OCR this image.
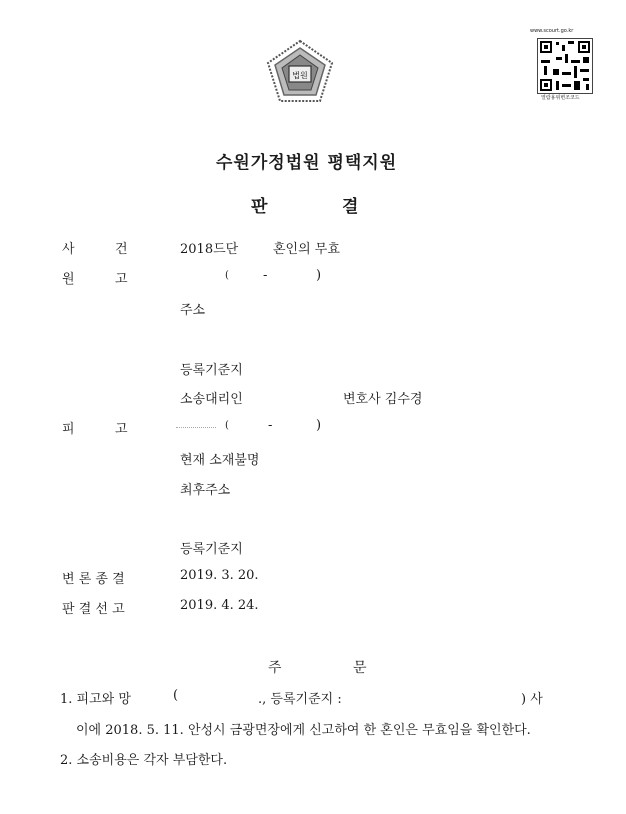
법원
www.scourt.go.kr
열람용위변조코드
수원가정법원 평택지원
판	결
사	건	2018드단	혼인의 무효
원	고	(	-	)
주소
등록기준지
소송대리인	변호사 김수경
피	고	(	-	)
현재 소재불명
최후주소
등록기준지
변 론 종 결	2019. 3. 20.
판 결 선 고	2019. 4. 24.
주	문
1. 피고와 망	(	., 등록기준지 :	) 사
이에 2018. 5. 11. 안성시 금광면장에게 신고하여 한 혼인은 무효임을 확인한다.
2. 소송비용은 각자 부담한다.
